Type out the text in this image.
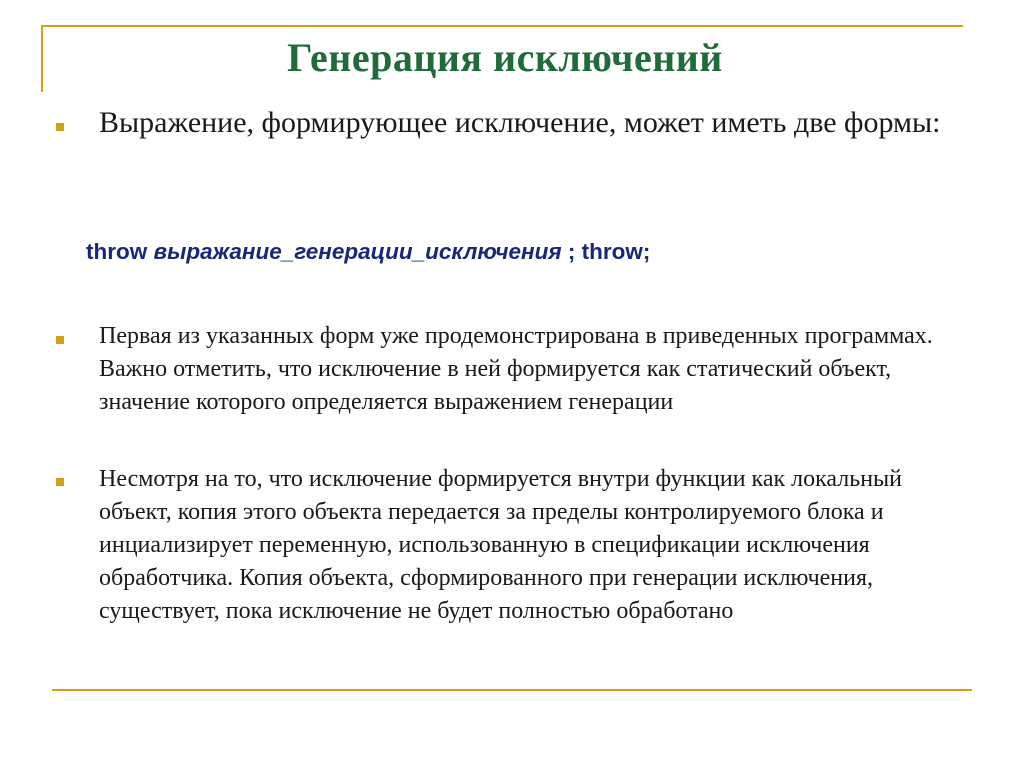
Генерация исключений
Выражение, формирующее исключение, может иметь две формы:
throw выражание_генерации_исключения ; throw;
Первая из указанных форм уже продемонстрирована в приведенных программах. Важно отметить, что исключение в ней формируется как статический объект, значение которого определяется выражением генерации
Несмотря на то, что исключение формируется внутри функции как локальный объект, копия этого объекта передается за пределы контролируемого блока и инциализирует переменную, использованную в спецификации исключения обработчика. Копия объекта, сформированного при генерации исключения, существует, пока исключение не будет полностью обработано
